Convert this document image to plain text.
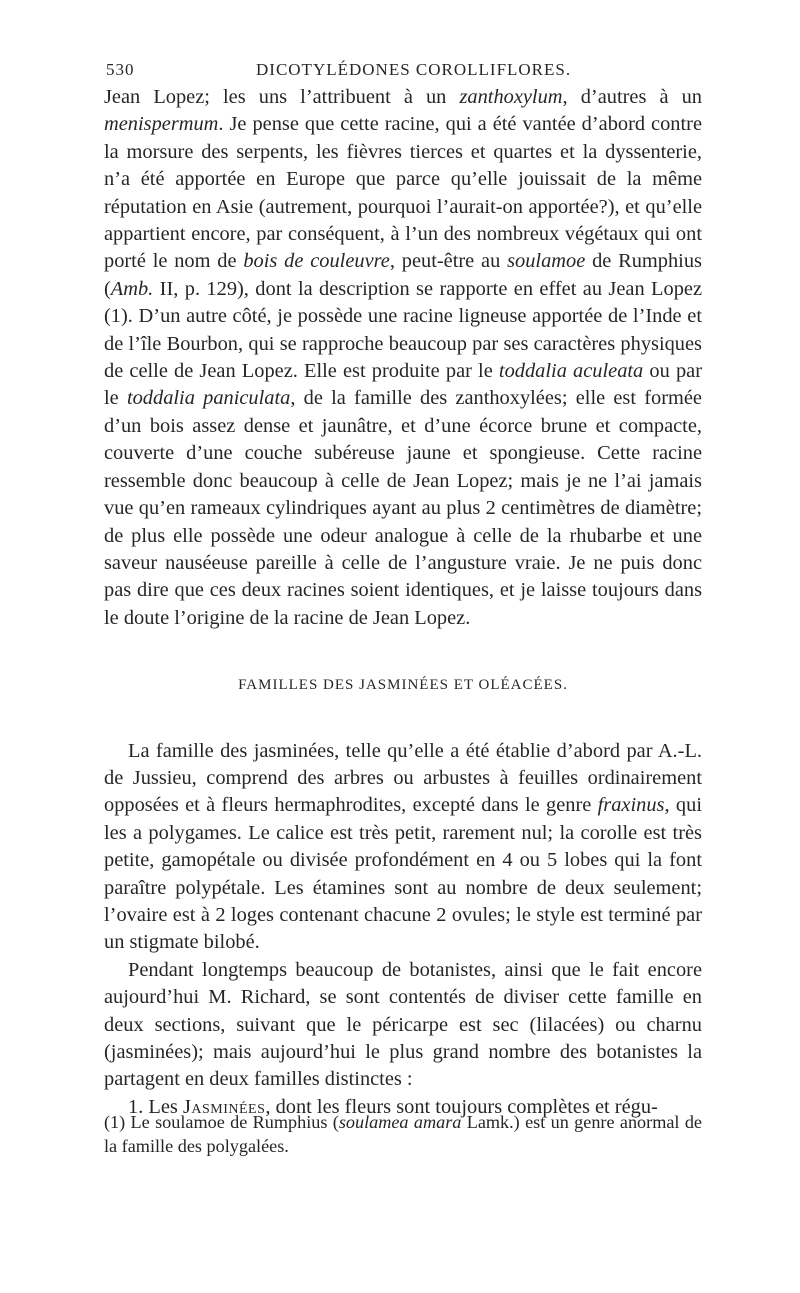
530	DICOTYLÉDONES COROLLIFLORES.

Jean Lopez; les uns l’attribuent à un zanthoxylum, d’autres à un menispermum. Je pense que cette racine, qui a été vantée d’abord contre la morsure des serpents, les fièvres tierces et quartes et la dyssenterie, n’a été apportée en Europe que parce qu’elle jouissait de la même réputation en Asie (autrement, pourquoi l’aurait-on apportée?), et qu’elle appartient encore, par conséquent, à l’un des nombreux végétaux qui ont porté le nom de bois de couleuvre, peut-être au soulamoe de Rumphius (Amb. II, p. 129), dont la description se rapporte en effet au Jean Lopez (1). D’un autre côté, je possède une racine ligneuse apportée de l’Inde et de l’île Bourbon, qui se rapproche beaucoup par ses caractères physiques de celle de Jean Lopez. Elle est produite par le toddalia aculeata ou par le toddalia paniculata, de la famille des zanthoxylées; elle est formée d’un bois assez dense et jaunâtre, et d’une écorce brune et compacte, couverte d’une couche subéreuse jaune et spongieuse. Cette racine ressemble donc beaucoup à celle de Jean Lopez; mais je ne l’ai jamais vue qu’en rameaux cylindriques ayant au plus 2 centimètres de diamètre; de plus elle possède une odeur analogue à celle de la rhubarbe et une saveur nauséeuse pareille à celle de l’angusture vraie. Je ne puis donc pas dire que ces deux racines soient identiques, et je laisse toujours dans le doute l’origine de la racine de Jean Lopez.

FAMILLES DES JASMINÉES ET OLÉACÉES.

La famille des jasminées, telle qu’elle a été établie d’abord par A.-L. de Jussieu, comprend des arbres ou arbustes à feuilles ordinairement opposées et à fleurs hermaphrodites, excepté dans le genre fraxinus, qui les a polygames. Le calice est très petit, rarement nul; la corolle est très petite, gamopétale ou divisée profondément en 4 ou 5 lobes qui la font paraître polypétale. Les étamines sont au nombre de deux seulement; l’ovaire est à 2 loges contenant chacune 2 ovules; le style est terminé par un stigmate bilobé.

Pendant longtemps beaucoup de botanistes, ainsi que le fait encore aujourd’hui M. Richard, se sont contentés de diviser cette famille en deux sections, suivant que le péricarpe est sec (lilacées) ou charnu (jasminées); mais aujourd’hui le plus grand nombre des botanistes la partagent en deux familles distinctes :

1. Les Jasminées, dont les fleurs sont toujours complètes et régu-

(1) Le soulamoe de Rumphius (soulamea amara Lamk.) est un genre anormal de la famille des polygalées.
